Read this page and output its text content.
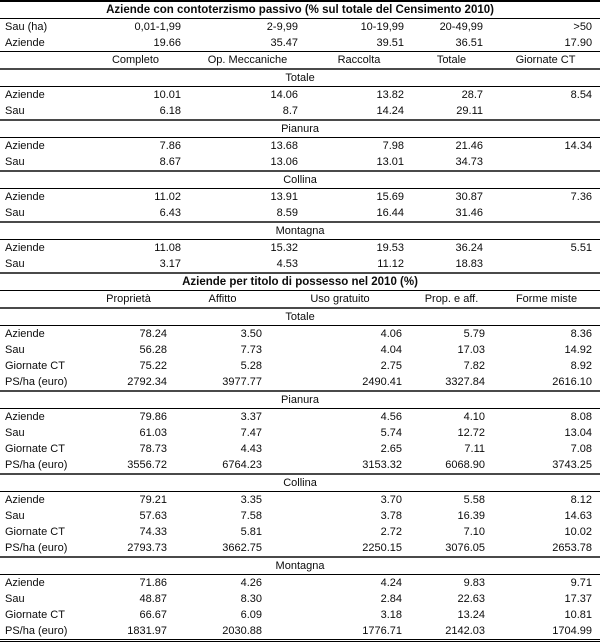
Aziende con contoterzismo passivo (% sul totale del Censimento 2010)					
Sau (ha)	0,01-1,99	2-9,99	10-19,99	20-49,99	>50
Aziende	19.66	35.47	39.51	36.51	17.90
	Completo	Op. Meccaniche	Raccolta	Totale	Giornate CT
Totale					
Aziende	10.01	14.06	13.82	28.7	8.54
Sau	6.18	8.7	14.24	29.11	
Pianura					
Aziende	7.86	13.68	7.98	21.46	14.34
Sau	8.67	13.06	13.01	34.73	
Collina					
Aziende	11.02	13.91	15.69	30.87	7.36
Sau	6.43	8.59	16.44	31.46	
Montagna					
Aziende	11.08	15.32	19.53	36.24	5.51
Sau	3.17	4.53	11.12	18.83	
Aziende per titolo di possesso nel 2010 (%)					
	Proprietà	Affitto	Uso gratuito	Prop. e aff.	Forme miste
Totale					
Aziende	78.24	3.50	4.06	5.79	8.36
Sau	56.28	7.73	4.04	17.03	14.92
Giornate CT	75.22	5.28	2.75	7.82	8.92
PS/ha (euro)	2792.34	3977.77	2490.41	3327.84	2616.10
Pianura					
Aziende	79.86	3.37	4.56	4.10	8.08
Sau	61.03	7.47	5.74	12.72	13.04
Giornate CT	78.73	4.43	2.65	7.11	7.08
PS/ha (euro)	3556.72	6764.23	3153.32	6068.90	3743.25
Collina					
Aziende	79.21	3.35	3.70	5.58	8.12
Sau	57.63	7.58	3.78	16.39	14.63
Giornate CT	74.33	5.81	2.72	7.10	10.02
PS/ha (euro)	2793.73	3662.75	2250.15	3076.05	2653.78
Montagna					
Aziende	71.86	4.26	4.24	9.83	9.71
Sau	48.87	8.30	2.84	22.63	17.37
Giornate CT	66.67	6.09	3.18	13.24	10.81
PS/ha (euro)	1831.97	2030.88	1776.71	2142.03	1704.99
